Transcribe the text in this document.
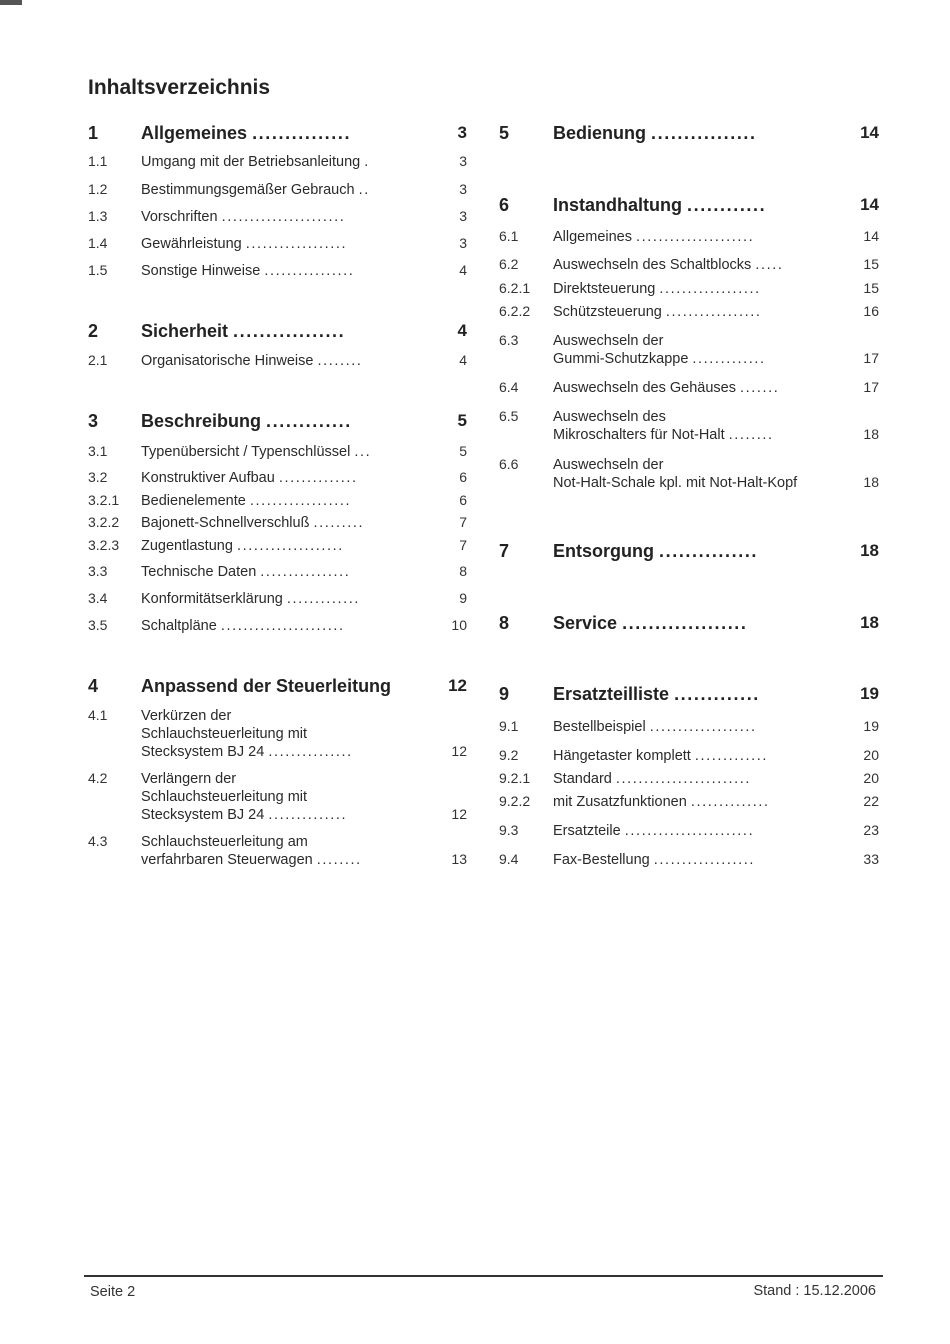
Inhaltsverzeichnis
1 Allgemeines ...............	3
1.1 Umgang mit der Betriebsanleitung .	3
1.2 Bestimmungsgemäßer Gebrauch ..	3
1.3 Vorschriften ......................	3
1.4 Gewährleistung ..................	3
1.5 Sonstige Hinweise ................	4
2 Sicherheit .................	4
2.1 Organisatorische Hinweise ........	4
3 Beschreibung .............	5
3.1 Typenübersicht / Typenschlüssel ...	5
3.2 Konstruktiver Aufbau ..............	6
3.2.1 Bedienelemente ..................	6
3.2.2 Bajonett-Schnellverschluß .........	7
3.2.3 Zugentlastung ...................	7
3.3 Technische Daten ................	8
3.4 Konformitätserklärung .............	9
3.5 Schaltpläne ......................	10
4 Anpassend der Steuerleitung	12
4.1 Verkürzen der
Schlauchsteuerleitung mit
Stecksystem BJ 24 ...............	12
4.2 Verlängern der
Schlauchsteuerleitung mit
Stecksystem BJ 24 ..............	12
4.3 Schlauchsteuerleitung am
verfahrbaren Steuerwagen ........	13
5 Bedienung ................	14
6 Instandhaltung ............	14
6.1 Allgemeines .....................	14
6.2 Auswechseln des Schaltblocks .....	15
6.2.1 Direktsteuerung ..................	15
6.2.2 Schützsteuerung .................	16
6.3 Auswechseln der
Gummi-Schutzkappe .............	17
6.4 Auswechseln des Gehäuses .......	17
6.5 Auswechseln des
Mikroschalters für Not-Halt ........	18
6.6 Auswechseln der
Not-Halt-Schale kpl. mit Not-Halt-Kopf	18
7 Entsorgung ...............	18
8 Service ...................	18
9 Ersatzteilliste .............	19
9.1 Bestellbeispiel ...................	19
9.2 Hängetaster komplett .............	20
9.2.1 Standard ........................	20
9.2.2 mit Zusatzfunktionen ..............	22
9.3 Ersatzteile .......................	23
9.4 Fax-Bestellung ..................	33
Seite 2	Stand : 15.12.2006
